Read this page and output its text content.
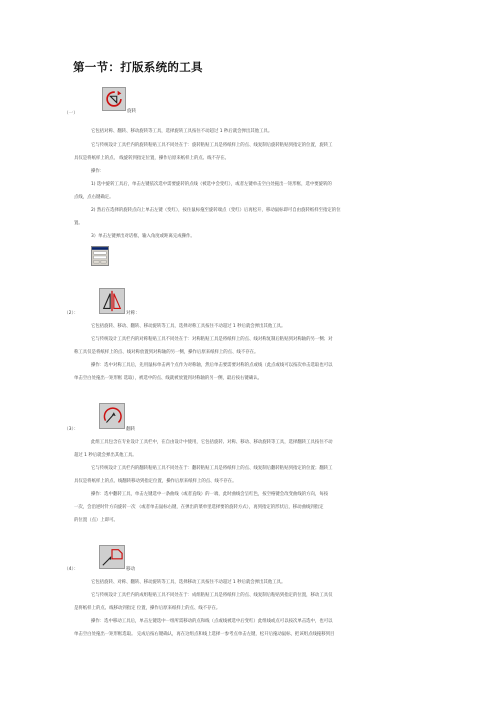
第一节：打版系统的工具
（一）	旋转
它包括对称、翻转、移动旋转等工具，选择旋转工具按住不动超过 1 秒后就会弹出其他工具。
它与传统设计工具栏内的旋转粘贴工具不同处在于：旋转粘贴工具是将纸样上的点、线复制后旋转粘贴到指定的位置，旋转工
具仅是将纸样上的点、 线旋转到指定位置，操作后原来纸样上的点、线不存在。
操作：
1) 选中旋转工具后，单击左键依次选中需要旋转的点线（被选中会变红），或者左键单击空白处拖出一矩形框，选中要旋转的
点线，点右键确定。
2) 然后在选择的旋转点向上单击左键（变红），按住鼠标拖至旋转端点（变红）后再松开，移动鼠标即可自由旋转纸样至指定的位
置。
3）单击左键弹出对话框，输入角度或距离完成操作。
（2）：	对称：
它包括旋转、移动、翻转、移动旋转等工具，选择对称工具按住不动超过 1 秒后就会弹出其他工具。
它与传统设计工具栏内的对称粘贴工具不同处在于：对称粘贴工具是将纸样上的点、线对称复制后粘贴到对称轴的另一侧；对
称工具仅是将纸样上的点、线对称放置到对称轴的另一侧，操作后原来纸样上的点、线不存在。
操作：选中对称工具后，先用鼠标单击两个点作为对称轴，然后单击要需要对称的点或线（此点或线可以按次单击选取也可以
单击空白处拖出一矩形框 选取），被选中的点、线就被放置到对称轴的另一侧，最后按右键确认。
（3）：	翻转
此组工具包含在专业设计工具栏中，在自由设计中使用，它包括旋转、对称、移动、移动旋转等工具，选择翻转工具按住不动
超过 1 秒后就会弹出其他工具。
它与传统设计工具栏内的翻转粘贴工具不同处在于：翻转粘贴工具是将纸样上的点、线复制后翻转粘贴到指定的位置；翻转工
具仅是将纸样上的点、线翻转移动到指定位置，操作后原来纸样上的点、线不存在。
操作：选中翻转工具，单击左键选中一条曲线（或者直线）的一端，此时曲线会呈红色，按空格键会改变曲线的方向，每按
一次，会沿逆时针方向旋转一次 （或者单击鼠标右键，在弹出的菜单里选择要的旋转方式），再到指定的形状后，移动曲线到指定
的位置（点）上即可。
（4）：	移动
它包括旋转、对称、翻转、移动旋转等工具，选择移动工具按住不动超过 1 秒后就会弹出其他工具。
它与传统设计工具栏内的成组粘贴工具不同处在于：成组粘贴工具是将纸样上的点、线复制后粘贴到指定的位置，移动工具仅
是将纸样上的点、线移动到指定 位置，操作后原来纸样上的点、线不存在。
操作：选中移动工具后，单击左键选中一组所需移动的点和线（点或线被选中后变红）此组线或点可以按次单击选中，也可以
单击空白处拖出一矩形框选取。 完成后按右键确认，再在这组点和线上选择一参考点单击左键，松开后拖动鼠标，把该组点线拖移到目
